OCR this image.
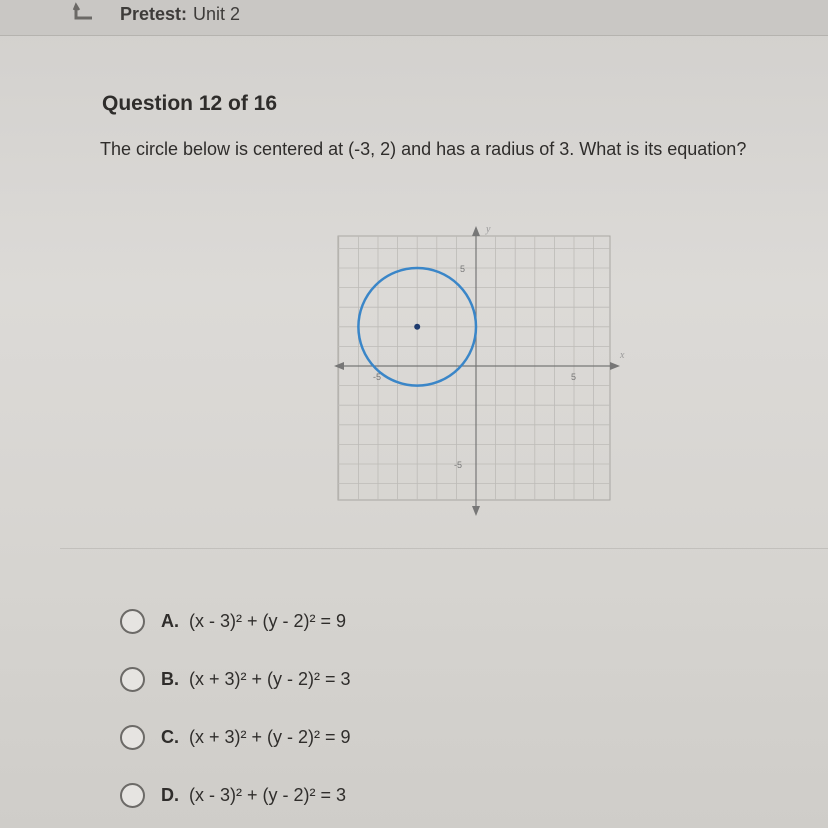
Pretest: Unit 2
Question 12 of 16
The circle below is centered at (-3, 2) and has a radius of 3. What is its equation?
5
-5
5
-5
y
x
A. (x - 3)² + (y - 2)² = 9
B. (x + 3)² + (y - 2)² = 3
C. (x + 3)² + (y - 2)² = 9
D. (x - 3)² + (y - 2)² = 3
